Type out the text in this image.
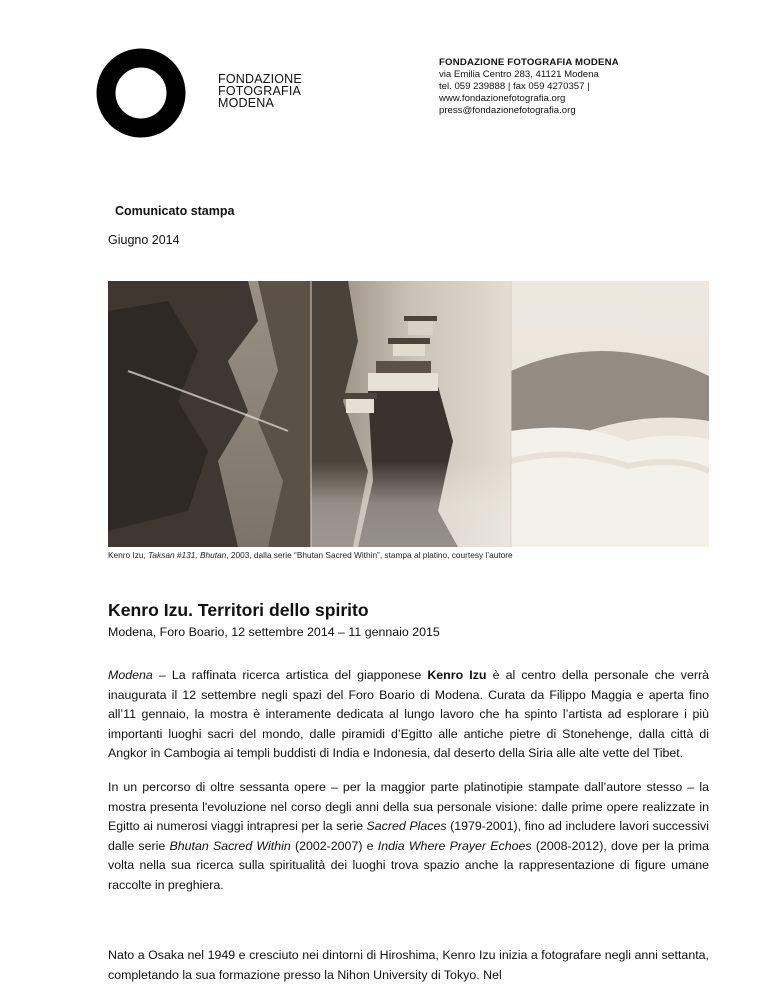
FONDAZIONE
FOTOGRAFIA
MODENA
FONDAZIONE FOTOGRAFIA MODENA
via Emilia Centro 283, 41121 Modena
tel. 059 239888 | fax 059 4270357 |
www.fondazionefotografia.org
press@fondazionefotografia.org
Comunicato stampa
Giugno 2014
Kenro Izu, Taksan #131, Bhutan, 2003, dalla serie “Bhutan Sacred Within”, stampa al platino, courtesy l’autore
Kenro Izu. Territori dello spirito
Modena, Foro Boario, 12 settembre 2014 – 11 gennaio 2015

Modena – La raffinata ricerca artistica del giapponese Kenro Izu è al centro della personale che verrà inaugurata il 12 settembre negli spazi del Foro Boario di Modena. Curata da Filippo Maggia e aperta fino all’11 gennaio, la mostra è interamente dedicata al lungo lavoro che ha spinto l’artista ad esplorare i più importanti luoghi sacri del mondo, dalle piramidi d’Egitto alle antiche pietre di Stonehenge, dalla città di Angkor in Cambogia ai templi buddisti di India e Indonesia, dal deserto della Siria alle alte vette del Tibet.

In un percorso di oltre sessanta opere – per la maggior parte platinotipie stampate dall’autore stesso – la mostra presenta l'evoluzione nel corso degli anni della sua personale visione: dalle prime opere realizzate in Egitto ai numerosi viaggi intrapresi per la serie Sacred Places (1979-2001), fino ad includere lavori successivi dalle serie Bhutan Sacred Within (2002-2007) e India Where Prayer Echoes (2008-2012), dove per la prima volta nella sua ricerca sulla spiritualità dei luoghi trova spazio anche la rappresentazione di figure umane raccolte in preghiera.

Nato a Osaka nel 1949 e cresciuto nei dintorni di Hiroshima, Kenro Izu inizia a fotografare negli anni settanta, completando la sua formazione presso la Nihon University di Tokyo. Nel
